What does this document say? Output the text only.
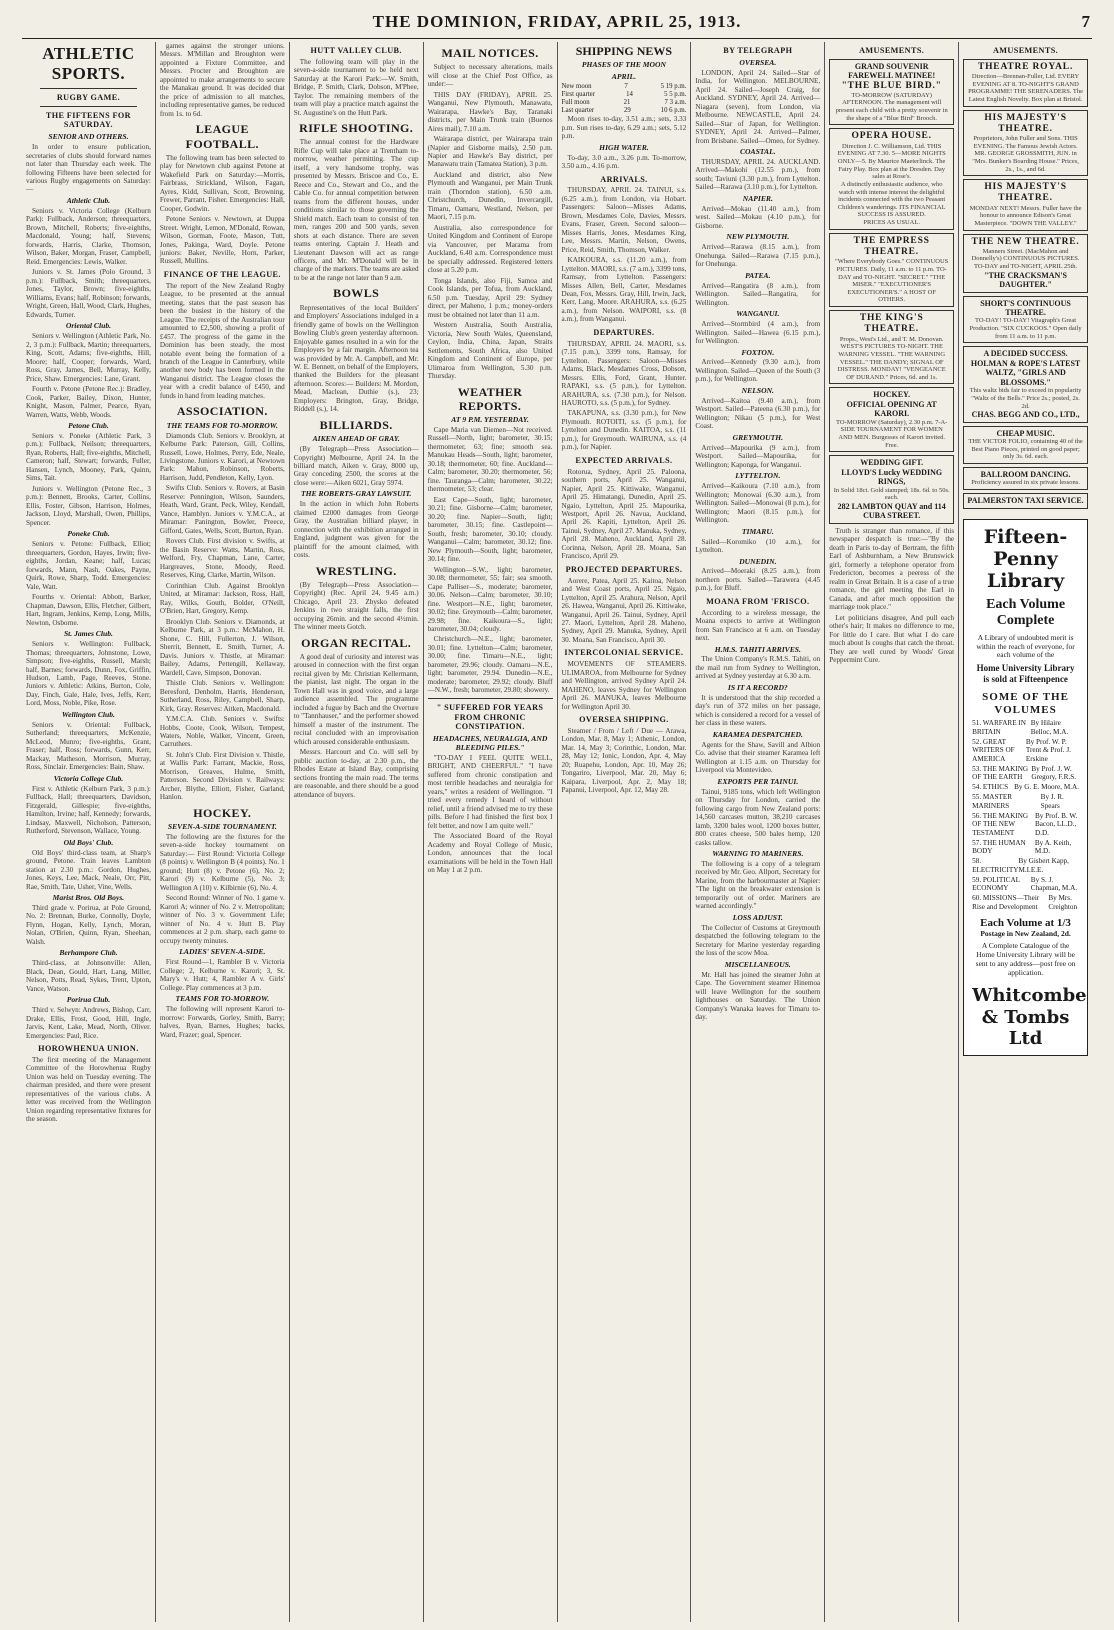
THE DOMINION, FRIDAY, APRIL 25, 1913.	7
ATHLETIC SPORTS.
RUGBY GAME.
THE FIFTEENS FOR SATURDAY.
SENIOR AND OTHERS.

In order to ensure publication, secretaries of clubs should forward names not later than Thursday each week. The following Fifteens have been selected for various Rugby engagements on Saturday:—

Athletic Club.

Seniors v. Victoria College (Kelburn Park): Fullback, Anderson; threequarters, Brown, Mitchell, Roberts; five-eighths, Macdonald, Young; half, Stevens; forwards, Harris, Clarke, Thomson, Wilson, Baker, Morgan, Fraser, Campbell, Reid. Emergencies: Lewis, Walker.

Juniors v. St. James (Polo Ground, 3 p.m.): Fullback, Smith; threequarters, Jones, Taylor, Brown; five-eighths, Williams, Evans; half, Robinson; forwards, Wright, Green, Hall, Wood, Clark, Hughes, Edwards, Turner.

Oriental Club.

Seniors v. Wellington (Athletic Park, No. 2, 3 p.m.): Fullback, Martin; threequarters, King, Scott, Adams; five-eighths, Hill, Moore; half, Cooper; forwards, Ward, Ross, Gray, James, Bell, Murray, Kelly, Price, Shaw. Emergencies: Lane, Grant.

Fourth v. Petone (Petone Rec.): Bradley, Cook, Parker, Bailey, Dixon, Hunter, Knight, Mason, Palmer, Pearce, Ryan, Warren, Watts, Webb, Woods.

Petone Club.

Seniors v. Poneke (Athletic Park, 3 p.m.): Fullback, Neilson; threequarters, Ryan, Roberts, Hall; five-eighths, Mitchell, Cameron; half, Stewart; forwards, Fuller, Hansen, Lynch, Mooney, Park, Quinn, Sims, Tait.

Juniors v. Wellington (Petone Rec., 3 p.m.): Bennett, Brooks, Carter, Collins, Ellis, Foster, Gibson, Harrison, Holmes, Jackson, Lloyd, Marshall, Owen, Phillips, Spencer.

Poneke Club.

Seniors v. Petone: Fullback, Elliot; threequarters, Gordon, Hayes, Irwin; five-eighths, Jordan, Keane; half, Lucas; forwards, Mann, Nash, Oakes, Payne, Quirk, Rowe, Sharp, Todd. Emergencies: Vale, Watt.

Fourths v. Oriental: Abbott, Barker, Chapman, Dawson, Ellis, Fletcher, Gilbert, Hart, Ingram, Jenkins, Kemp, Long, Mills, Newton, Osborne.

St. James Club.

Seniors v. Wellington: Fullback, Thomas; threequarters, Johnstone, Lowe, Simpson; five-eighths, Russell, Marsh; half, Barnes; forwards, Dunn, Fox, Griffin, Hudson, Lamb, Page, Reeves, Stone. Juniors v. Athletic: Atkins, Burton, Cole, Day, Finch, Gale, Hale, Ives, Jeffs, Kerr, Lord, Moss, Noble, Pike, Rose.

Wellington Club.

Seniors v. Oriental: Fullback, Sutherland; threequarters, McKenzie, McLeod, Munro; five-eighths, Grant, Fraser; half, Ross; forwards, Gunn, Kerr, Mackay, Matheson, Morrison, Murray, Ross, Sinclair. Emergencies: Bain, Shaw.

Victoria College Club.

First v. Athletic (Kelburn Park, 3 p.m.): Fullback, Hall; threequarters, Davidson, Fitzgerald, Gillespie; five-eighths, Hamilton, Irvine; half, Kennedy; forwards, Lindsay, Maxwell, Nicholson, Patterson, Rutherford, Stevenson, Wallace, Young.

Old Boys' Club.

Old Boys' third-class team, at Sharp's ground, Petone. Train leaves Lambton station at 2.30 p.m.: Gordon, Hughes, Jones, Keys, Lee, Mack, Neale, Orr, Pitt, Rae, Smith, Tate, Usher, Vine, Wells.

Marist Bros. Old Boys.

Third grade v. Porirua, at Pole Ground, No. 2: Brennan, Burke, Connolly, Doyle, Flynn, Hogan, Kelly, Lynch, Moran, Nolan, O'Brien, Quinn, Ryan, Sheehan, Walsh.

Berhampore Club.

Third-class, at Johnsonville: Allen, Black, Dean, Gould, Hart, Lang, Miller, Nelson, Potts, Read, Sykes, Trent, Upton, Vance, Watson.

Porirua Club.

Third v. Selwyn: Andrews, Bishop, Carr, Drake, Ellis, Frost, Good, Hill, Ingle, Jarvis, Kent, Lake, Mead, North, Oliver. Emergencies: Paul, Rice.

HOROWHENUA UNION.

The first meeting of the Management Committee of the Horowhenua Rugby Union was held on Tuesday evening. The chairman presided, and there were present representatives of the various clubs. A letter was received from the Wellington Union regarding representative fixtures for the season.

games against the stronger unions. Messrs. M'Millan and Broughton were appointed a Fixture Committee, and Messrs. Procter and Broughton are appointed to make arrangements to secure the Manakau ground. It was decided that the price of admission to all matches, including representative games, be reduced from 1s. to 6d.

LEAGUE FOOTBALL.

The following team has been selected to play for Newtown club against Petone at Wakefield Park on Saturday:—Morris, Fairbrass, Strickland, Wilson, Fagan, Ayres, Kidd, Sullivan, Scott, Browning, Frewer, Parrant, Fisher. Emergencies: Hall, Cooper, Godwin.

Petone Seniors v. Newtown, at Duppa Street. Wright, Lemon, M'Donald, Rowan, Wilson, Gorman, Foote, Mason, Tutt, Jones, Pakinga, Ward, Doyle. Petone juniors: Baker, Neville, Horn, Parker, Russell, Mullins.

FINANCE OF THE LEAGUE.

The report of the New Zealand Rugby League, to be presented at the annual meeting, states that the past season has been the busiest in the history of the League. The receipts of the Australian tour amounted to £2,500, showing a profit of £457. The progress of the game in the Dominion has been steady, the most notable event being the formation of a branch of the League in Canterbury, while another new body has been formed in the Wanganui district. The League closes the year with a credit balance of £450, and funds in hand from leading matches.

ASSOCIATION.
THE TEAMS FOR TO-MORROW.

Diamonds Club. Seniors v. Brooklyn, at Kelburne Park: Paterson, Gill, Collins, Russell, Lowe, Holmes, Perry, Ede, Neale, Livingstone. Juniors v. Karori, at Newtown Park: Mahon, Robinson, Roberts, Harrison, Judd, Pendleton, Kelly, Lyon.

Swifts Club. Seniors v. Rovers, at Basin Reserve: Pennington, Wilson, Saunders, Heath, Ward, Grant, Peck, Wiley, Kendall, Vance, Hamblyn. Juniors v. Y.M.C.A., at Miramar: Panington, Bowler, Preece, Gifford, Gates, Wells, Scott, Burton, Ryan.

Rovers Club. First division v. Swifts, at the Basin Reserve: Watts, Martin, Ross, Welford, Fry, Chapman, Lane, Carter, Hargreaves, Stone, Moody, Reed. Reserves, King, Clarke, Martin, Wilson.

Corinthian Club. Against Brooklyn United, at Miramar: Jackson, Ross, Hall, Ray, Wilks, Gouth, Bolder, O'Neill, O'Brien, Hart, Gregory, Kemp.

Brooklyn Club. Seniors v. Diamonds, at Kelburne Park, at 3 p.m.: McMahon, H. Shone, C. Hill, Fullerton, J. Wilson, Sherrit, Bennett, E. Smith, Turner, A. Davis. Juniors v. Thistle, at Miramar: Bailey, Adams, Pettengill, Kellaway, Wardell, Cave, Simpson, Donovan.

Thistle Club. Seniors v. Wellington: Beresford, Denholm, Harris, Henderson, Sutherland, Ross, Riley, Campbell, Sharp, Kirk, Gray. Reserves: Aitken, Macdonald.

Y.M.C.A. Club. Seniors v. Swifts: Hobbs, Coote, Cook, Wilson, Tempest, Waters, Noble, Walker, Vincent, Green, Carruthers.

St. John's Club. First Division v. Thistle, at Wallis Park: Farrant, Mackie, Ross, Morrison, Greaves, Hulme, Smith, Patterson. Second Division v. Railways: Archer, Blythe, Elliott, Fisher, Garland, Hanlon.

HOCKEY.
SEVEN-A-SIDE TOURNAMENT.

The following are the fixtures for the seven-a-side hockey tournament on Saturday:— First Round: Victoria College (8 points) v. Wellington B (4 points). No. 1 ground; Hutt (8) v. Petone (6), No. 2; Karori (9) v. Kelburne (5), No. 3; Wellington A (10) v. Kilbirnie (6), No. 4.

Second Round: Winner of No. 1 game v. Karori A; winner of No. 2 v. Metropolitan; winner of No. 3 v. Government Life; winner of No. 4 v. Hutt B. Play commences at 2 p.m. sharp, each game to occupy twenty minutes.

LADIES' SEVEN-A-SIDE.

First Round—1, Rambler B v. Victoria College; 2, Kelburne v. Karori; 3, St. Mary's v. Hutt; 4, Rambler A v. Girls' College. Play commences at 3 p.m.

TEAMS FOR TO-MORROW.

The following will represent Karori to-morrow: Forwards, Gorley, Smith, Barry; halves, Ryan, Barnes, Hughes; backs, Ward, Frazer; goal, Spencer.

HUTT VALLEY CLUB.

The following team will play in the seven-a-side tournament to be held next Saturday at the Karori Park:—W. Smith, Bridge, P. Smith, Clark, Dobson, M'Phee, Taylor. The remaining members of the team will play a practice match against the St. Augustine's on the Hutt Park.

RIFLE SHOOTING.

The annual contest for the Hardware Rifle Cup will take place at Trentham to-morrow, weather permitting. The cup itself, a very handsome trophy, was presented by Messrs. Briscoe and Co., E. Reece and Co., Stewart and Co., and the Cable Co. for annual competition between teams from the different houses, under conditions similar to those governing the Shield match. Each team to consist of ten men, ranges 200 and 500 yards, seven shots at each distance. There are seven teams entering. Captain J. Heath and Lieutenant Dawson will act as range officers, and Mr. M'Donald will be in charge of the markers. The teams are asked to be at the range not later than 9 a.m.

BOWLS

Representatives of the local Builders' and Employers' Associations indulged in a friendly game of bowls on the Wellington Bowling Club's green yesterday afternoon. Enjoyable games resulted in a win for the Employers by a fair margin. Afternoon tea was provided by Mr. A. Campbell, and Mr. W. E. Bennett, on behalf of the Employers, thanked the Builders for the pleasant afternoon. Scores:— Builders: M. Mordon, Mead, Maclean, Duthie (s.), 23; Employers: Brington, Gray, Bridge, Riddell (s.), 14.

BILLIARDS.
AIKEN AHEAD OF GRAY.

(By Telegraph—Press Association—Copyright) Melbourne, April 24. In the billiard match, Aiken v. Gray, 8000 up, Gray conceding 2500, the scores at the close were:—Aiken 6021, Gray 5974.

THE ROBERTS-GRAY LAWSUIT.

In the action in which John Roberts claimed £2000 damages from George Gray, the Australian billiard player, in connection with the exhibition arranged in England, judgment was given for the plaintiff for the amount claimed, with costs.

WRESTLING.

(By Telegraph—Press Association—Copyright) (Rec. April 24, 9.45 a.m.) Chicago, April 23. Zbysko defeated Jenkins in two straight falls, the first occupying 26min. and the second 4½min. The winner meets Gotch.

ORGAN RECITAL.

A good deal of curiosity and interest was aroused in connection with the first organ recital given by Mr. Christian Kellermann, the pianist, last night. The organ in the Town Hall was in good voice, and a large audience assembled. The programme included a fugue by Bach and the Overture to "Tannhauser," and the performer showed himself a master of the instrument. The recital concluded with an improvisation which aroused considerable enthusiasm.

Messrs. Harcourt and Co. will sell by public auction to-day, at 2.30 p.m., the Rhodes Estate at Island Bay, comprising sections fronting the main road. The terms are reasonable, and there should be a good attendance of buyers.

MAIL NOTICES.

Subject to necessary alterations, mails will close at the Chief Post Office, as under:—

THIS DAY (FRIDAY), APRIL 25. Wanganui, New Plymouth, Manawatu, Wairarapa, Hawke's Bay, Taranaki districts, per Main Trunk train (Buenos Aires mail), 7.10 a.m.

Wairarapa district, per Wairarapa train (Napier and Gisborne mails), 2.50 p.m. Napier and Hawke's Bay district, per Manawatu train (Tamatea Station), 3 p.m.

Auckland and district, also New Plymouth and Wanganui, per Main Trunk train (Thorndon station), 6.50 a.m. Christchurch, Dunedin, Invercargill, Timaru, Oamaru, Westland, Nelson, per Maori, 7.15 p.m.

Australia, also correspondence for United Kingdom and Continent of Europe via Vancouver, per Marama from Auckland, 6.40 a.m. Correspondence must be specially addressed. Registered letters close at 5.20 p.m.

Tonga Islands, also Fiji, Samoa and Cook Islands, per Tofua, from Auckland, 6.50 p.m. Tuesday, April 29: Sydney direct, per Maheno, 1 p.m.; money-orders must be obtained not later than 11 a.m.

Western Australia, South Australia, Victoria, New South Wales, Queensland, Ceylon, India, China, Japan, Straits Settlements, South Africa, also United Kingdom and Continent of Europe, per Ulimaroa from Wellington, 5.30 p.m. Thursday.

WEATHER REPORTS.
AT 9 P.M. YESTERDAY.

Cape Maria van Diemen—Not received. Russell—North, light; barometer, 30.15; thermometer, 63; fine; smooth sea. Manukau Heads—South, light; barometer, 30.18; thermometer, 60; fine. Auckland—Calm; barometer, 30.20; thermometer, 56; fine. Tauranga—Calm; barometer, 30.22; thermometer, 53; clear.

East Cape—South, light; barometer, 30.21; fine. Gisborne—Calm; barometer, 30.20; fine. Napier—South, light; barometer, 30.15; fine. Castlepoint—South, fresh; barometer, 30.10; cloudy. Wanganui—Calm; barometer, 30.12; fine. New Plymouth—South, light; barometer, 30.14; fine.

Wellington—S.W., light; barometer, 30.08; thermometer, 55; fair; sea smooth. Cape Palliser—S., moderate; barometer, 30.06. Nelson—Calm; barometer, 30.10; fine. Westport—N.E., light; barometer, 30.02; fine. Greymouth—Calm; barometer, 29.98; fine. Kaikoura—S., light; barometer, 30.04; cloudy.

Christchurch—N.E., light; barometer, 30.01; fine. Lyttelton—Calm; barometer, 30.00; fine. Timaru—N.E., light; barometer, 29.96; cloudy. Oamaru—N.E., light; barometer, 29.94. Dunedin—N.E., moderate; barometer, 29.92; cloudy. Bluff—N.W., fresh; barometer, 29.80; showery.

" SUFFERED FOR YEARS FROM CHRONIC CONSTIPATION.
HEADACHES, NEURALGIA, AND BLEEDING PILES."

"TO-DAY I FEEL QUITE WELL, BRIGHT, AND CHEERFUL." "I have suffered from chronic constipation and most terrible headaches and neuralgia for years," writes a resident of Wellington. "I tried every remedy I heard of without relief, until a friend advised me to try these pills. Before I had finished the first box I felt better, and now I am quite well."

The Associated Board of the Royal Academy and Royal College of Music, London, announces that the local examinations will be held in the Town Hall on May 1 at 2 p.m.

SHIPPING NEWS
PHASES OF THE MOON
APRIL.
New moon	7	5 19 p.m.
First quarter	14	5 5 p.m.
Full moon	21	7 3 a.m.
Last quarter	29	10 6 p.m.

Moon rises to-day, 3.51 a.m.; sets, 3.33 p.m. Sun rises to-day, 6.29 a.m.; sets, 5.12 p.m.

HIGH WATER.

To-day, 3.0 a.m., 3.26 p.m. To-morrow, 3.50 a.m., 4.16 p.m.

ARRIVALS.

THURSDAY, APRIL 24. TAINUI, s.s. (6.25 a.m.), from London, via Hobart. Passengers: Saloon—Misses Adams, Brown, Mesdames Cole, Davies, Messrs. Evans, Fraser, Green. Second saloon—Misses Harris, Jones, Mesdames King, Lee, Messrs. Martin, Nelson, Owens, Price, Reid, Smith, Thomson, Walker.

KAIKOURA, s.s. (11.20 a.m.), from Lyttelton. MAORI, s.s. (7 a.m.), 3399 tons, Ramsay, from Lyttelton. Passengers: Misses Allen, Bell, Carter, Mesdames Dean, Fox, Messrs. Gray, Hill, Irwin, Jack, Kerr, Lang, Moore. ARAHURA, s.s. (6.25 a.m.), from Nelson. WAIPORI, s.s. (8 a.m.), from Wanganui.

DEPARTURES.

THURSDAY, APRIL 24. MAORI, s.s. (7.15 p.m.), 3399 tons, Ramsay, for Lyttelton. Passengers: Saloon—Misses Adams, Black, Mesdames Cross, Dobson, Messrs. Ellis, Ford, Grant, Hunter. RAPAKI, s.s. (5 p.m.), for Lyttelton. ARAHURA, s.s. (7.30 p.m.), for Nelson. HAUROTO, s.s. (5 p.m.), for Sydney.

TAKAPUNA, s.s. (3.30 p.m.), for New Plymouth. ROTOITI, s.s. (5 p.m.), for Lyttelton and Dunedin. KAITOA, s.s. (11 p.m.), for Greymouth. WAIRUNA, s.s. (4 p.m.), for Napier.

EXPECTED ARRIVALS.

Rotorua, Sydney, April 25. Paloona, southern ports, April 25. Wanganui, Napier, April 25. Kittiwake, Wanganui, April 25. Himatangi, Dunedin, April 25. Ngaio, Lyttelton, April 25. Mapourika, Westport, April 26. Navua, Auckland, April 26. Kapiti, Lyttelton, April 26. Tainui, Sydney, April 27. Manuka, Sydney, April 28. Maheno, Auckland, April 28. Corinna, Nelson, April 28. Moana, San Francisco, April 29.

PROJECTED DEPARTURES.

Aorere, Patea, April 25. Kaitoa, Nelson and West Coast ports, April 25. Ngaio, Lyttelton, April 25. Arahura, Nelson, April 26. Hawea, Wanganui, April 26. Kittiwake, Wanganui, April 26. Tainui, Sydney, April 27. Maori, Lyttelton, April 28. Maheno, Sydney, April 29. Manuka, Sydney, April 30. Moana, San Francisco, April 30.

INTERCOLONIAL SERVICE.

MOVEMENTS OF STEAMERS. ULIMAROA, from Melbourne for Sydney and Wellington, arrived Sydney April 24. MAHENO, leaves Sydney for Wellington April 26. MANUKA, leaves Melbourne for Wellington April 30.

OVERSEA SHIPPING.

Steamer / From / Left / Due — Arawa, London, Mar. 8, May 1; Athenic, London, Mar. 14, May 3; Corinthic, London, Mar. 28, May 12; Ionic, London, Apr. 4, May 20; Ruapehu, London, Apr. 10, May 26; Tongariro, Liverpool, Mar. 20, May 6; Kaipara, Liverpool, Apr. 2, May 18; Papanui, Liverpool, Apr. 12, May 28.

BY TELEGRAPH
OVERSEA.

LONDON, April 24. Sailed—Star of India, for Wellington. MELBOURNE, April 24. Sailed—Joseph Craig, for Auckland. SYDNEY, April 24. Arrived—Niagara (seven), from London, via Melbourne. NEWCASTLE, April 24. Sailed—Star of Japan, for Wellington. SYDNEY, April 24. Arrived—Palmer, from Brisbane. Sailed—Omeo, for Sydney.

COASTAL.

THURSDAY, APRIL 24. AUCKLAND. Arrived—Makohi (12.55 p.m.), from south; Taviuni (3.30 p.m.), from Lyttelton. Sailed—Rarawa (3.10 p.m.), for Lyttelton.

NAPIER.

Arrived—Mokau (11.40 a.m.), from west. Sailed—Mokau (4.10 p.m.), for Gisborne.

NEW PLYMOUTH.

Arrived—Rarawa (8.15 a.m.), from Onehunga. Sailed—Rarawa (7.15 p.m.), for Onehunga.

PATEA.

Arrived—Rangatira (8 a.m.), from Wellington. Sailed—Rangatira, for Wellington.

WANGANUI.

Arrived—Stormbird (4 a.m.), from Wellington. Sailed—Hawea (6.15 p.m.), for Wellington.

FOXTON.

Arrived—Kennedy (9.30 a.m.), from Wellington. Sailed—Queen of the South (3 p.m.), for Wellington.

NELSON.

Arrived—Kaitoa (9.40 a.m.), from Westport. Sailed—Pateena (6.30 p.m.), for Wellington; Nikau (5 p.m.), for West Coast.

GREYMOUTH.

Arrived—Mapourika (9 a.m.), from Westport. Sailed—Mapourika, for Wellington; Kaponga, for Wanganui.

LYTTELTON.

Arrived—Kaikoura (7.10 a.m.), from Wellington; Monowai (6.30 a.m.), from Wellington. Sailed—Monowai (8 p.m.), for Wellington; Maori (8.15 p.m.), for Wellington.

TIMARU.

Sailed—Koromiko (10 a.m.), for Lyttelton.

DUNEDIN.

Arrived—Moeraki (8.25 a.m.), from northern ports. Sailed—Tarawera (4.45 p.m.), for Bluff.

MOANA FROM 'FRISCO.

According to a wireless message, the Moana expects to arrive at Wellington from San Francisco at 6 a.m. on Tuesday next.

H.M.S. TAHITI ARRIVES.

The Union Company's R.M.S. Tahiti, on the mail run from Sydney to Wellington, arrived at Sydney yesterday at 6.30 a.m.

IS IT A RECORD?

It is understood that the ship recorded a day's run of 372 miles on her passage, which is considered a record for a vessel of her class in these waters.

KARAMEA DESPATCHED.

Agents for the Shaw, Savill and Albion Co. advise that their steamer Karamea left Wellington at 1.15 a.m. on Thursday for Liverpool via Montevideo.

EXPORTS PER TAINUI.

Tainui, 9185 tons, which left Wellington on Thursday for London, carried the following cargo from New Zealand ports: 14,560 carcases mutton, 38,210 carcases lamb, 3200 bales wool, 1200 boxes butter, 800 crates cheese, 500 bales hemp, 120 casks tallow.

WARNING TO MARINERS.

The following is a copy of a telegram received by Mr. Geo. Allport, Secretary for Marine, from the harbourmaster at Napier: "The light on the breakwater extension is temporarily out of order. Mariners are warned accordingly."

LOSS ADJUST.

The Collector of Customs at Greymouth despatched the following telegram to the Secretary for Marine yesterday regarding the loss of the scow Moa.

MISCELLANEOUS.

Mr. Hall has joined the steamer John at Cape. The Government steamer Hinemoa will leave Wellington for the southern lighthouses on Saturday. The Union Company's Wanaka leaves for Timaru to-day.

AMUSEMENTS.
GRAND SOUVENIR FAREWELL MATINEE!
"THE BLUE BIRD."
TO-MORROW (SATURDAY) AFTERNOON. The management will present each child with a pretty souvenir in the shape of a "Blue Bird" Brooch.
OPERA HOUSE.
Direction J. C. Williamson, Ltd. THIS EVENING AT 7.30. 5—MORE NIGHTS ONLY—5. By Maurice Maeterlinck. The Fairy Play. Box plan at the Dresden. Day sales at Rose's.
A distinctly enthusiastic audience, who watch with intense interest the delightful incidents connected with the two Peasant Children's wanderings. ITS FINANCIAL SUCCESS IS ASSURED.
PRICES AS USUAL.
THE EMPRESS THEATRE.
"Where Everybody Goes." CONTINUOUS PICTURES. Daily, 11 a.m. to 11 p.m. TO-DAY and TO-NIGHT. "SECRET." "THE MISER." "EXECUTIONER'S EXECUTIONER'S." A HOST OF OTHERS.
THE KING'S THEATRE.
Props., West's Ltd., and T. M. Donovan. WEST'S PICTURES TO-NIGHT. THE WARNING VESSEL. "THE WARNING VESSEL." THE DANDY; SIGNAL OF DISTRESS. MONDAY! "VENGEANCE OF DURAND." Prices, 6d. and 1s.
HOCKEY.
OFFICIAL OPENING AT KARORI.
TO-MORROW (Saturday), 2.30 p.m. 7-A-SIDE TOURNAMENT FOR WOMEN AND MEN. Burgesses of Karori invited. Free.
WEDDING GIFT.
LLOYD'S Lucky WEDDING RINGS,
In Solid 18ct. Gold stamped; 18s. 6d. to 50s. each.
282 LAMBTON QUAY and 114 CUBA STREET.

Truth is stranger than romance, if this newspaper despatch is true:—"By the death in Paris to-day of Bertram, the fifth Earl of Ashburnham, a New Brunswick girl, formerly a telephone operator from Fredericton, becomes a peeress of the realm in Great Britain. It is a case of a true romance, the girl meeting the Earl in Canada, and after much opposition the marriage took place."

Let politicians disagree, And pull each other's hair; It makes no difference to me, For little do I care. But what I do care much about Is coughs that catch the throat. They are well cured by Woods' Great Peppermint Cure.

AMUSEMENTS.
THEATRE ROYAL.
Direction—Brennan-Fuller, Ltd. EVERY EVENING AT 8. TO-NIGHT'S GRAND PROGRAMME! THE SERENADERS. The Latest English Novelty. Box plan at Bristol.
HIS MAJESTY'S THEATRE.
Proprietors, John Fuller and Sons. THIS EVENING. The Famous Jewish Actors. MR. GEORGE GROSSMITH, JUN. in "Mrs. Bunker's Boarding House." Prices, 2s., 1s., and 6d.
HIS MAJESTY'S THEATRE.
MONDAY NEXT! Messrs. Fuller have the honour to announce Edison's Great Masterpiece. "DOWN THE VALLEY."
THE NEW THEATRE.
Manners Street. (MacMahon and Donnelly's) CONTINUOUS PICTURES. TO-DAY and TO-NIGHT, APRIL 25th.
"THE CRACKSMAN'S DAUGHTER."
SHORT'S CONTINUOUS THEATRE.
TO-DAY! TO-DAY! Vitagraph's Great Production. "SIX CUCKOOS." Open daily from 11 a.m. to 11 p.m.
A DECIDED SUCCESS.
HOLMAN & ROPE'S LATEST WALTZ, "GIRLS AND BLOSSOMS."
This waltz bids fair to exceed in popularity "Waltz of the Bells." Price 2s.; posted, 2s. 2d.
CHAS. BEGG AND CO., LTD.,
CHEAP MUSIC.
THE VICTOR FOLIO, containing 40 of the Best Piano Pieces, printed on good paper; only 3s. 6d. each.
BALLROOM DANCING.
Proficiency assured in six private lessons.
PALMERSTON TAXI SERVICE.
Fifteen-Penny Library
Each Volume Complete
A Library of undoubted merit is within the reach of everyone, for each volume of the
Home University Library
is sold at Fifteenpence
SOME OF THE VOLUMES
51. WARFARE IN BRITAIN
By Hilaire Belloc, M.A.
52. GREAT WRITERS OF AMERICA
By Prof. W. P. Trent & Prof. J. Erskine
53. THE MAKING OF THE EARTH
By Prof. J. W. Gregory, F.R.S.
54. ETHICS By G. E. Moore, M.A.
55. MASTER MARINERS
By J. R. Spears
56. THE MAKING OF THE NEW TESTAMENT
By Prof. B. W. Bacon, LL.D., D.D.
57. THE HUMAN BODY
By A. Keith, M.D.
58. ELECTRICITY
By Gisbert Kapp, M.I.E.E.
59. POLITICAL ECONOMY
By S. J. Chapman, M.A.
60. MISSIONS—Their Rise and Development
By Mrs. Creighton
Each Volume at 1/3
Postage in New Zealand, 2d.
A Complete Catalogue of the Home University Library will be sent to any address—post free on application.
Whitcombe & Tombs Ltd
